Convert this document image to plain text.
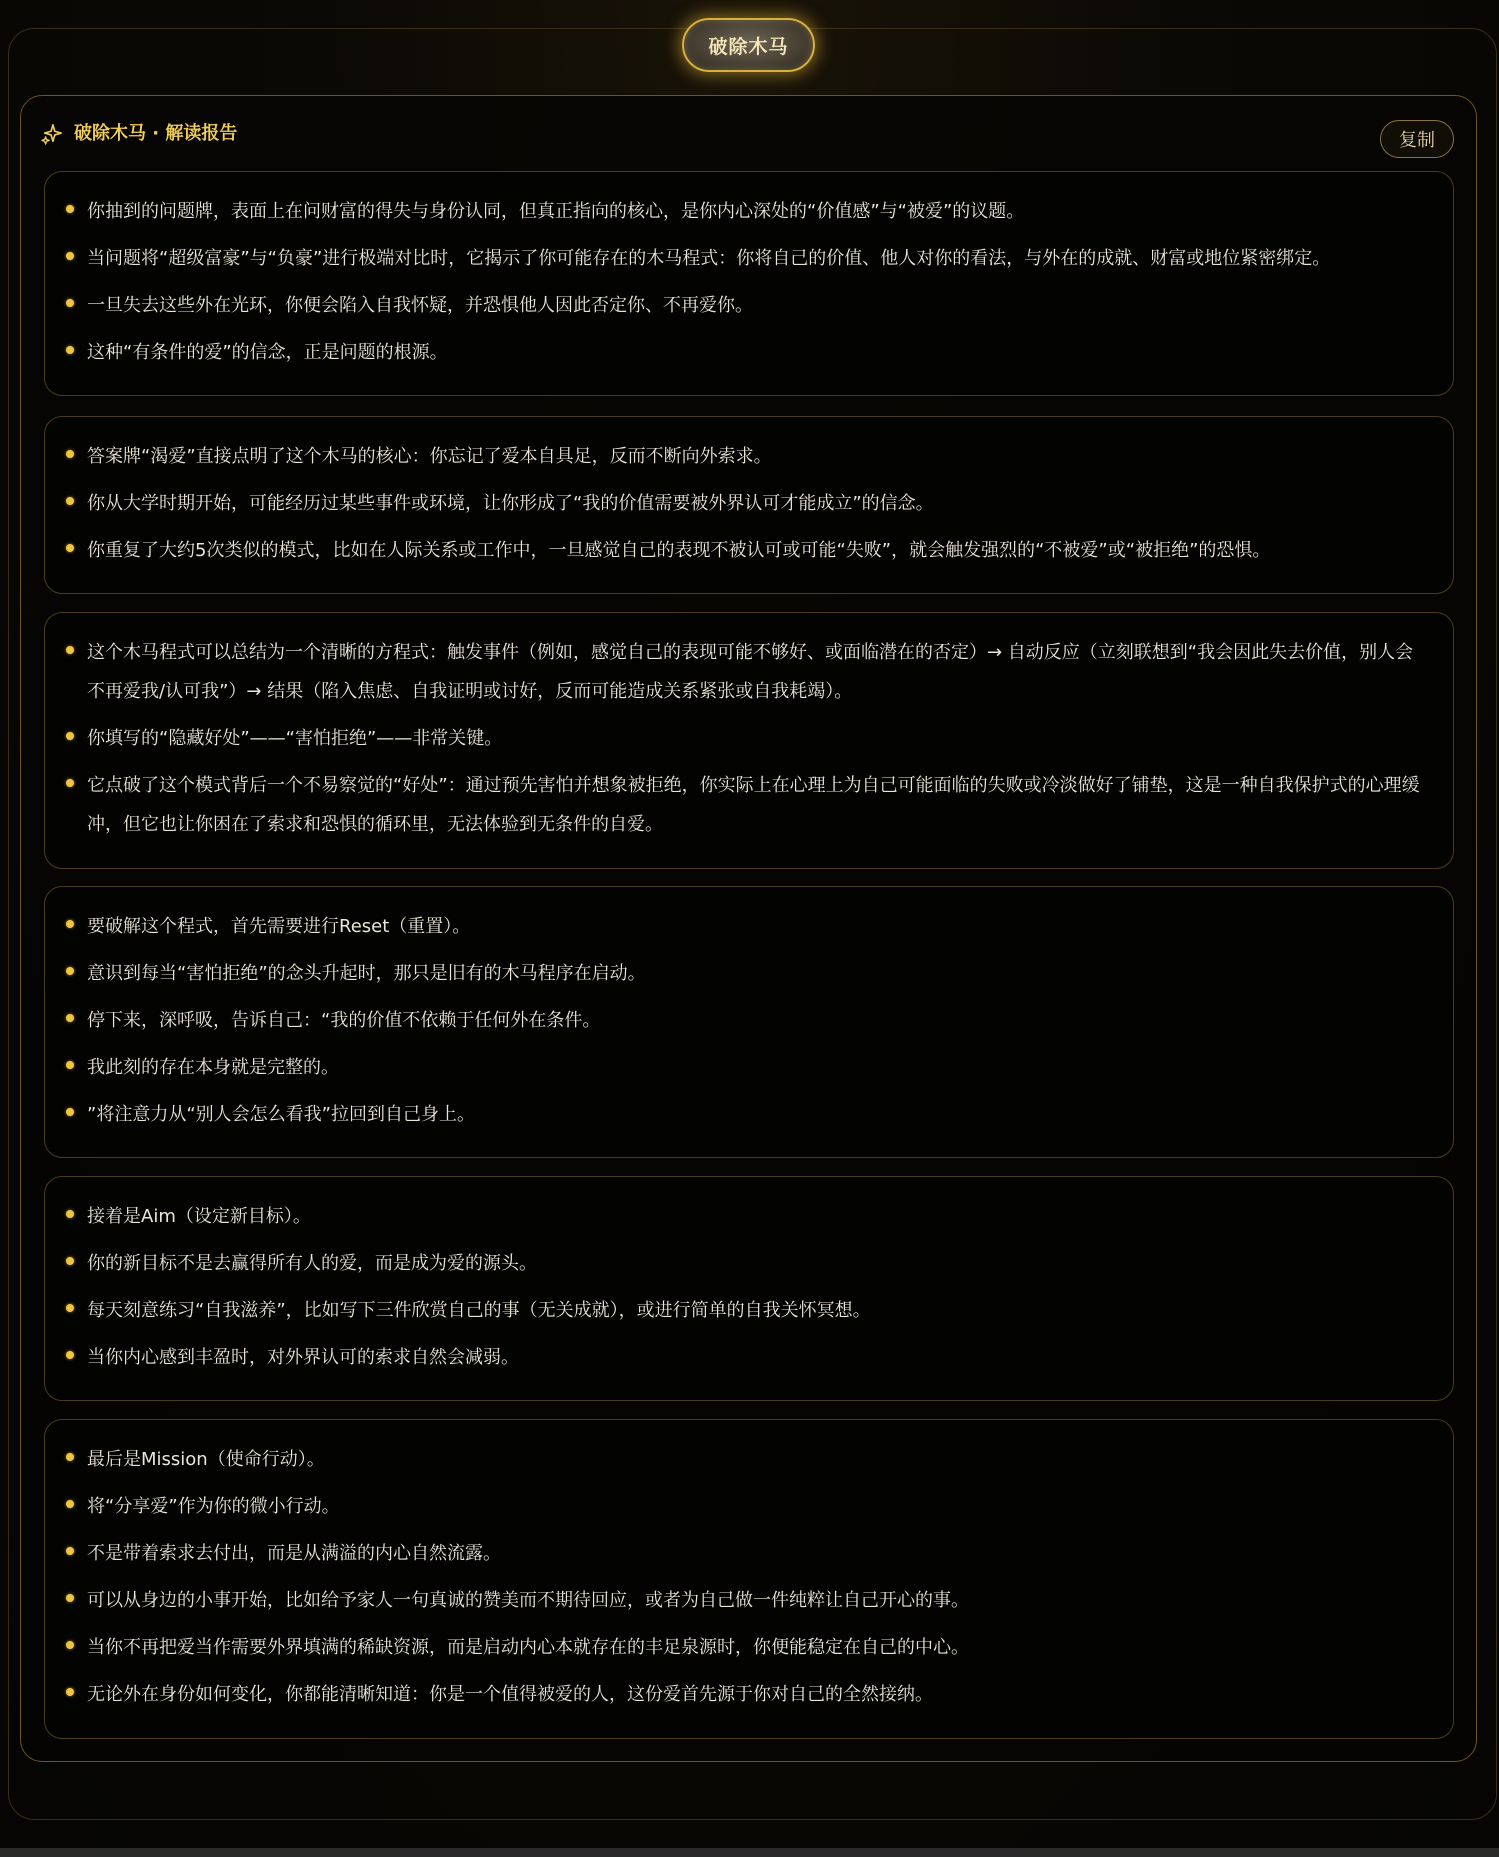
破除木马
破除木马 · 解读报告	复制
你抽到的问题牌，表面上在问财富的得失与身份认同，但真正指向的核心，是你内心深处的“价值感”与“被爱”的议题。
当问题将“超级富豪”与“负豪”进行极端对比时，它揭示了你可能存在的木马程式：你将自己的价值、他人对你的看法，与外在的成就、财富或地位紧密绑定。
一旦失去这些外在光环，你便会陷入自我怀疑，并恐惧他人因此否定你、不再爱你。
这种“有条件的爱”的信念，正是问题的根源。
答案牌“渴爱”直接点明了这个木马的核心：你忘记了爱本自具足，反而不断向外索求。
你从大学时期开始，可能经历过某些事件或环境，让你形成了“我的价值需要被外界认可才能成立”的信念。
你重复了大约5次类似的模式，比如在人际关系或工作中，一旦感觉自己的表现不被认可或可能“失败”，就会触发强烈的“不被爱”或“被拒绝”的恐惧。
这个木马程式可以总结为一个清晰的方程式：触发事件（例如，感觉自己的表现可能不够好、或面临潜在的否定）→ 自动反应（立刻联想到“我会因此失去价值，别人会不再爱我/认可我”）→ 结果（陷入焦虑、自我证明或讨好，反而可能造成关系紧张或自我耗竭）。
你填写的“隐藏好处”——“害怕拒绝”——非常关键。
它点破了这个模式背后一个不易察觉的“好处”：通过预先害怕并想象被拒绝，你实际上在心理上为自己可能面临的失败或冷淡做好了铺垫，这是一种自我保护式的心理缓冲，但它也让你困在了索求和恐惧的循环里，无法体验到无条件的自爱。
要破解这个程式，首先需要进行Reset（重置）。
意识到每当“害怕拒绝”的念头升起时，那只是旧有的木马程序在启动。
停下来，深呼吸，告诉自己：“我的价值不依赖于任何外在条件。
我此刻的存在本身就是完整的。
”将注意力从“别人会怎么看我”拉回到自己身上。
接着是Aim（设定新目标）。
你的新目标不是去赢得所有人的爱，而是成为爱的源头。
每天刻意练习“自我滋养”，比如写下三件欣赏自己的事（无关成就），或进行简单的自我关怀冥想。
当你内心感到丰盈时，对外界认可的索求自然会减弱。
最后是Mission（使命行动）。
将“分享爱”作为你的微小行动。
不是带着索求去付出，而是从满溢的内心自然流露。
可以从身边的小事开始，比如给予家人一句真诚的赞美而不期待回应，或者为自己做一件纯粹让自己开心的事。
当你不再把爱当作需要外界填满的稀缺资源，而是启动内心本就存在的丰足泉源时，你便能稳定在自己的中心。
无论外在身份如何变化，你都能清晰知道：你是一个值得被爱的人，这份爱首先源于你对自己的全然接纳。
